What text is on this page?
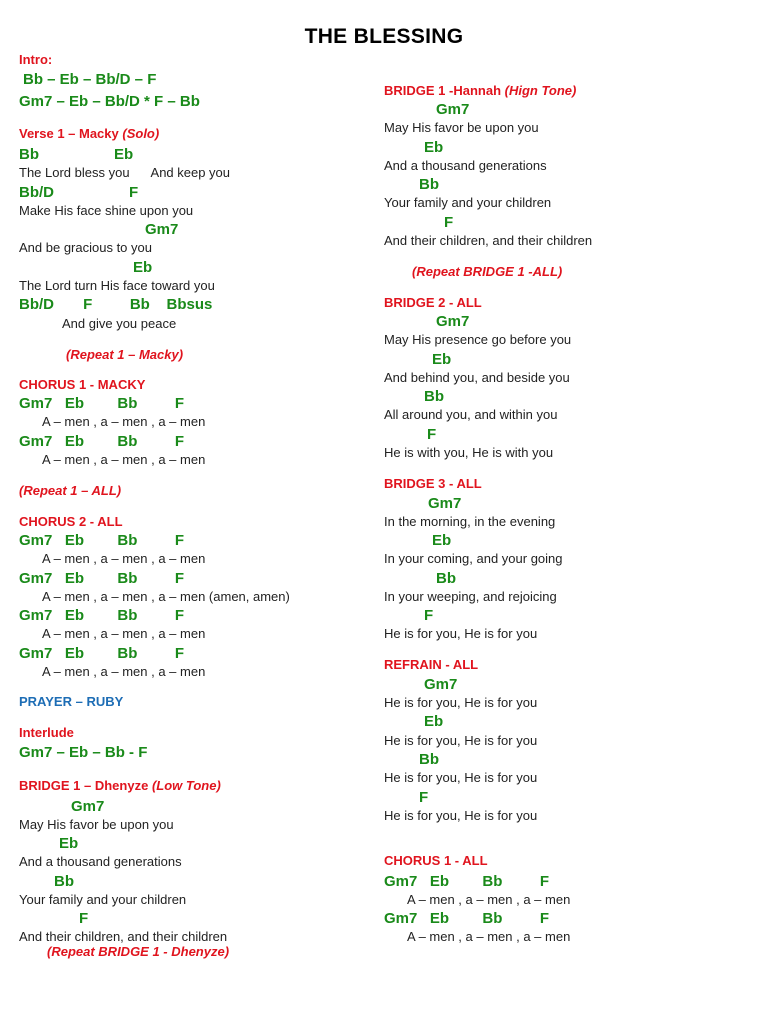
THE BLESSING
Intro:
Bb – Eb – Bb/D – F
Gm7 – Eb – Bb/D * F – Bb
Verse 1 – Macky (Solo)
Bb                  Eb
The Lord bless you      And keep you
Bb/D                  F
Make His face shine upon you
Gm7
And be gracious to you
Eb
The Lord turn His face toward you
Bb/D       F         Bb    Bbsus
And give you peace
(Repeat 1 – Macky)
CHORUS 1 - MACKY
Gm7   Eb        Bb         F
A – men , a – men , a – men
Gm7   Eb        Bb         F
A – men , a – men , a – men
(Repeat 1 – ALL)
CHORUS 2 - ALL
Gm7   Eb        Bb         F
A – men , a – men , a – men
Gm7   Eb        Bb         F
A – men , a – men , a – men (amen, amen)
Gm7   Eb        Bb         F
A – men , a – men , a – men
Gm7   Eb        Bb         F
A – men , a – men , a – men
PRAYER – RUBY
Interlude
Gm7 – Eb – Bb - F
BRIDGE 1 – Dhenyze (Low Tone)
Gm7
May His favor be upon you
Eb
And a thousand generations
Bb
Your family and your children
F
And their children, and their children
(Repeat BRIDGE 1 - Dhenyze)
BRIDGE 1 -Hannah (Hign Tone)
Gm7
May His favor be upon you
Eb
And a thousand generations
Bb
Your family and your children
F
And their children, and their children
(Repeat BRIDGE 1 -ALL)
BRIDGE 2 - ALL
Gm7
May His presence go before you
Eb
And behind you, and beside you
Bb
All around you, and within you
F
He is with you, He is with you
BRIDGE 3 - ALL
Gm7
In the morning, in the evening
Eb
In your coming, and your going
Bb
In your weeping, and rejoicing
F
He is for you, He is for you
REFRAIN - ALL
Gm7
He is for you, He is for you
Eb
He is for you, He is for you
Bb
He is for you, He is for you
F
He is for you, He is for you
CHORUS 1 - ALL
Gm7   Eb        Bb         F
A – men , a – men , a – men
Gm7   Eb        Bb         F
A – men , a – men , a – men
